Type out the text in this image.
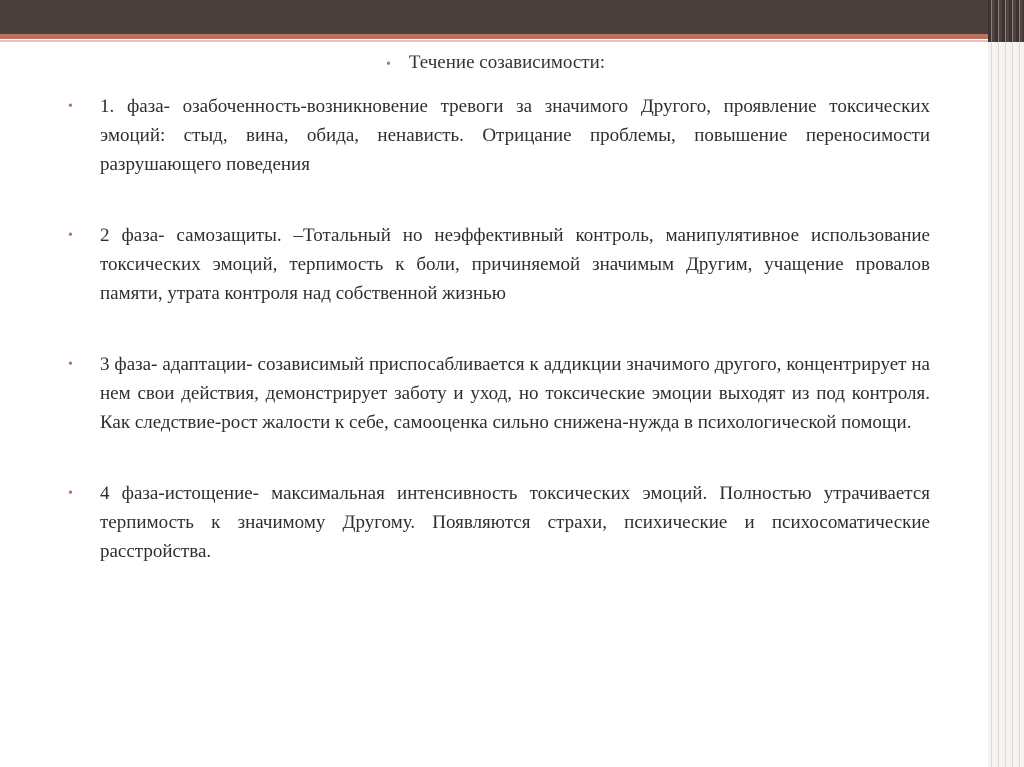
• Течение созависимости:
•	1. фаза- озабоченность-возникновение тревоги за значимого Другого, проявление токсических эмоций: стыд, вина, обида, ненависть. Отрицание проблемы, повышение переносимости разрушающего поведения
•	2 фаза- самозащиты. –Тотальный но неэффективный контроль, манипулятивное использование токсических эмоций, терпимость к боли, причиняемой значимым Другим, учащение провалов памяти, утрата контроля над собственной жизнью
•	3 фаза- адаптации- созависимый приспосабливается к аддикции значимого другого, концентрирует на нем свои действия, демонстрирует заботу и уход, но токсические эмоции выходят из под контроля. Как следствие-рост жалости к себе, самооценка сильно снижена-нужда в психологической помощи.
•	4 фаза-истощение- максимальная интенсивность токсических эмоций. Полностью утрачивается терпимость к значимому Другому. Появляются страхи, психические и психосоматические расстройства.
